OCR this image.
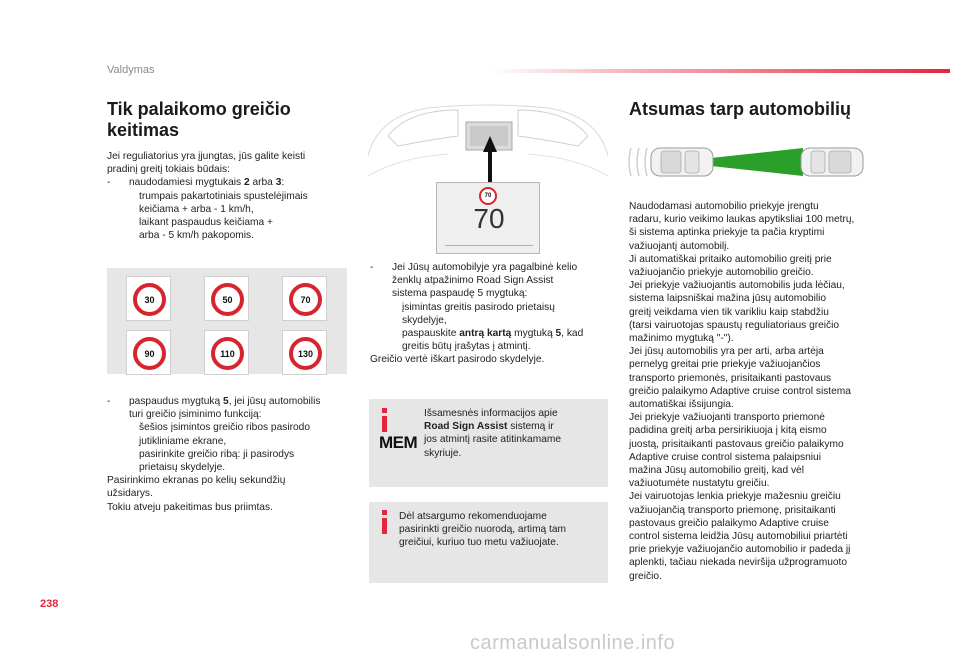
Valdymas

Tik palaikomo greičio

keitimas

Jei reguliatorius yra įjungtas, jūs galite keisti

pradinį greitį tokiais būdais:

-	naudodamiesi mygtukais 2 arba 3:
trumpais pakartotiniais spustelėjimais
keičiama + arba - 1 km/h,
laikant paspaudus keičiama +
arba - 5 km/h pakopomis.
30	50	70
90	110	130
-	paspaudus mygtuką 5, jei jūsų automobilis

turi greičio įsiminimo funkciją:

šešios įsimintos greičio ribos pasirodo
jutikliniame ekrane,
pasirinkite greičio ribą: ji pasirodys
prietaisų skydelyje.

Pasirinkimo ekranas po kelių sekundžių

užsidarys.

Tokiu atveju pakeitimas bus priimtas.

70
70
-	Jei Jūsų automobilyje yra pagalbinė kelio

ženklų atpažinimo Road Sign Assist

sistema paspaudę 5 mygtuką:

įsimintas greitis pasirodo prietaisų
skydelyje,
paspauskite antrą kartą mygtuką 5, kad
greitis būtų įrašytas į atmintį.

Greičio vertė iškart pasirodo skydelyje.

MEM

Išsamesnės informacijos apie

Road Sign Assist sistemą ir

jos atmintį rasite atitinkamame

skyriuje.

Dėl atsargumo rekomenduojame

pasirinkti greičio nuorodą, artimą tam

greičiui, kuriuo tuo metu važiuojate.

Atsumas tarp automobilių

Naudodamasi automobilio priekyje įrengtu

radaru, kurio veikimo laukas apytiksliai 100 metrų,

ši sistema aptinka priekyje ta pačia kryptimi

važiuojantį automobilį.

Ji automatiškai pritaiko automobilio greitį prie

važiuojančio priekyje automobilio greičio.

Jei priekyje važiuojantis automobilis juda lėčiau,

sistema laipsniškai mažina jūsų automobilio

greitį veikdama vien tik varikliu kaip stabdžiu

(tarsi vairuotojas spaustų reguliatoriaus greičio

mažinimo mygtuką "-").

Jei jūsų automobilis yra per arti, arba artėja

pernelyg greitai prie priekyje važiuojančios

transporto priemonės, prisitaikanti pastovaus

greičio palaikymo Adaptive cruise control sistema

automatiškai išsijungia.

Jei priekyje važiuojanti transporto priemonė

padidina greitį arba persirikiuoja į kitą eismo

juostą, prisitaikanti pastovaus greičio palaikymo

Adaptive cruise control sistema palaipsniui

mažina Jūsų automobilio greitį, kad vėl

važiuotumėte nustatytu greičiu.

Jei vairuotojas lenkia priekyje mažesniu greičiu

važiuojančią transporto priemonę, prisitaikanti

pastovaus greičio palaikymo Adaptive cruise

control sistema leidžia Jūsų automobiliui priartėti

prie priekyje važiuojančio automobilio ir padeda jį

aplenkti, tačiau niekada neviršija užprogramuoto

greičio.

238
carmanualsonline.info
